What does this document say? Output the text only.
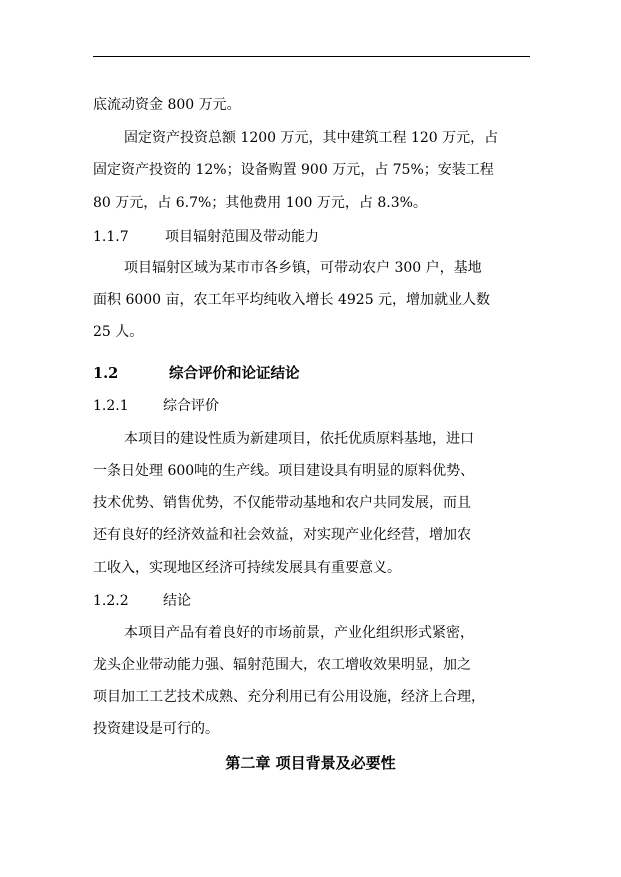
底流动资金 800 万元。
固定资产投资总额 1200 万元，其中建筑工程 120 万元，占
固定资产投资的 12%；设备购置 900 万元，占 75%；安装工程
80 万元，占 6.7%；其他费用 100 万元，占 8.3%。
1.1.7	项目辐射范围及带动能力
项目辐射区域为某市市各乡镇，可带动农户 300 户，基地
面积 6000 亩，农工年平均纯收入增长 4925 元，增加就业人数
25 人。
1.2	综合评价和论证结论
1.2.1 综合评价
本项目的建设性质为新建项目，依托优质原料基地，进口
一条日处理 600吨的生产线。项目建设具有明显的原料优势、
技术优势、销售优势，不仅能带动基地和农户共同发展，而且
还有良好的经济效益和社会效益，对实现产业化经营，增加农
工收入，实现地区经济可持续发展具有重要意义。
1.2.2 结论
本项目产品有着良好的市场前景，产业化组织形式紧密，
龙头企业带动能力强、辐射范围大，农工增收效果明显，加之
项目加工工艺技术成熟、充分利用已有公用设施，经济上合理，
投资建设是可行的。
第二章 项目背景及必要性
